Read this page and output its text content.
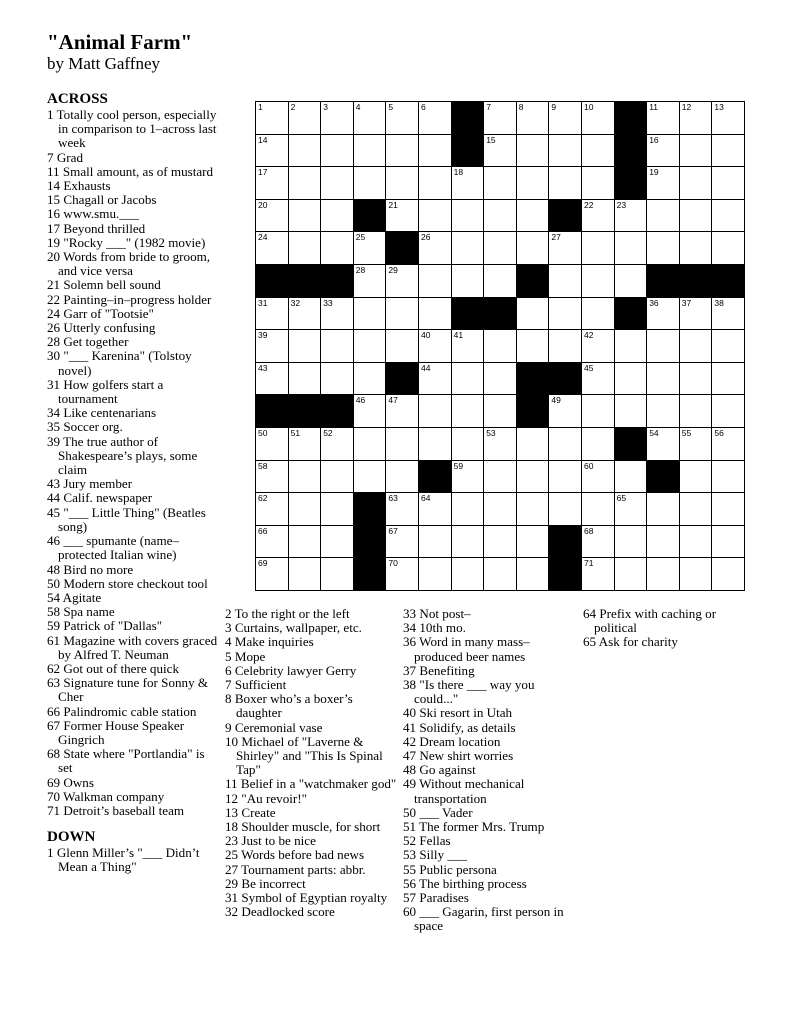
"Animal Farm"
by Matt Gaffney
ACROSS
1 Totally cool person, especially in comparison to 1–across last week
7 Grad
11 Small amount, as of mustard
14 Exhausts
15 Chagall or Jacobs
16 www.smu.___
17 Beyond thrilled
19 "Rocky ___" (1982 movie)
20 Words from bride to groom, and vice versa
21 Solemn bell sound
22 Painting–in–progress holder
24 Garr of "Tootsie"
26 Utterly confusing
28 Get together
30 "___ Karenina" (Tolstoy novel)
31 How golfers start a tournament
34 Like centenarians
35 Soccer org.
39 The true author of Shakespeare’s plays, some claim
43 Jury member
44 Calif. newspaper
45 "___ Little Thing" (Beatles song)
46 ___ spumante (name–protected Italian wine)
48 Bird no more
50 Modern store checkout tool
54 Agitate
58 Spa name
59 Patrick of "Dallas"
61 Magazine with covers graced by Alfred T. Neuman
62 Got out of there quick
63 Signature tune for Sonny & Cher
66 Palindromic cable station
67 Former House Speaker Gingrich
68 State where "Portlandia" is set
69 Owns
70 Walkman company
71 Detroit’s baseball team
DOWN
1 Glenn Miller’s "___ Didn’t Mean a Thing"
2 To the right or the left
3 Curtains, wallpaper, etc.
4 Make inquiries
5 Mope
6 Celebrity lawyer Gerry
7 Sufficient
8 Boxer who’s a boxer’s daughter
9 Ceremonial vase
10 Michael of "Laverne & Shirley" and "This Is Spinal Tap"
11 Belief in a "watchmaker god"
12 "Au revoir!"
13 Create
18 Shoulder muscle, for short
23 Just to be nice
25 Words before bad news
27 Tournament parts: abbr.
29 Be incorrect
31 Symbol of Egyptian royalty
32 Deadlocked score
33 Not post–
34 10th mo.
36 Word in many mass–produced beer names
37 Benefiting
38 "Is there ___ way you could..."
40 Ski resort in Utah
41 Solidify, as details
42 Dream location
47 New shirt worries
48 Go against
49 Without mechanical transportation
50 ___ Vader
51 The former Mrs. Trump
52 Fellas
53 Silly ___
55 Public persona
56 The birthing process
57 Paradises
60 ___ Gagarin, first person in space
64 Prefix with caching or political
65 Ask for charity
1	2	3	4	5	6	7	8	9	10	11	12	13
14	15	16
17	18	19
20	21	22	23
24	25	26	27
28	29
31	32	33	36	37	38
39	40	41	42
43	44	45
46	47	49
50	51	52	53	54	55	56
58	59	60
62	63	64	65
66	67	68
69	70	71
